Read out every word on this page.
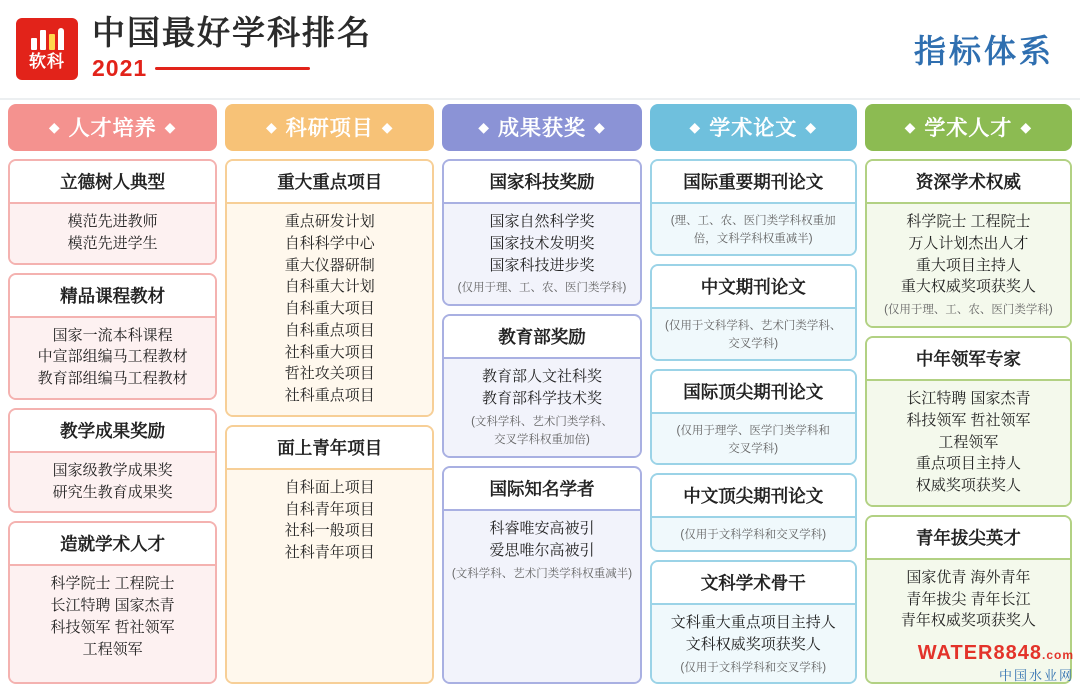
软科
中国最好学科排名
2021	指标体系
◆ 人才培养 ◆
立德树人典型
模范先进教师
模范先进学生
精品课程教材
国家一流本科课程
中宣部组编马工程教材
教育部组编马工程教材
教学成果奖励
国家级教学成果奖
研究生教育成果奖
造就学术人才
科学院士 工程院士
长江特聘 国家杰青
科技领军 哲社领军
工程领军
◆ 科研项目 ◆
重大重点项目
重点研发计划
自科科学中心
重大仪器研制
自科重大计划
自科重大项目
自科重点项目
社科重大项目
哲社攻关项目
社科重点项目
面上青年项目
自科面上项目
自科青年项目
社科一般项目
社科青年项目
◆ 成果获奖 ◆
国家科技奖励
国家自然科学奖
国家技术发明奖
国家科技进步奖
(仅用于理、工、农、医门类学科)
教育部奖励
教育部人文社科奖
教育部科学技术奖
(文科学科、艺术门类学科、
交叉学科权重加倍)
国际知名学者
科睿唯安高被引
爱思唯尔高被引
(文科学科、艺术门类学科权重减半)
◆ 学术论文 ◆
国际重要期刊论文
(理、工、农、医门类学科权重加
倍，文科学科权重减半)
中文期刊论文
(仅用于文科学科、艺术门类学科、
交叉学科)
国际顶尖期刊论文
(仅用于理学、医学门类学科和
交叉学科)
中文顶尖期刊论文
(仅用于文科学科和交叉学科)
文科学术骨干
文科重大重点项目主持人
文科权威奖项获奖人
(仅用于文科学科和交叉学科)
◆ 学术人才 ◆
资深学术权威
科学院士 工程院士
万人计划杰出人才
重大项目主持人
重大权威奖项获奖人
(仅用于理、工、农、医门类学科)
中年领军专家
长江特聘 国家杰青
科技领军 哲社领军
工程领军
重点项目主持人
权威奖项获奖人
青年拔尖英才
国家优青 海外青年
青年拔尖 青年长江
青年权威奖项获奖人
WATER8848.com
中国水业网
